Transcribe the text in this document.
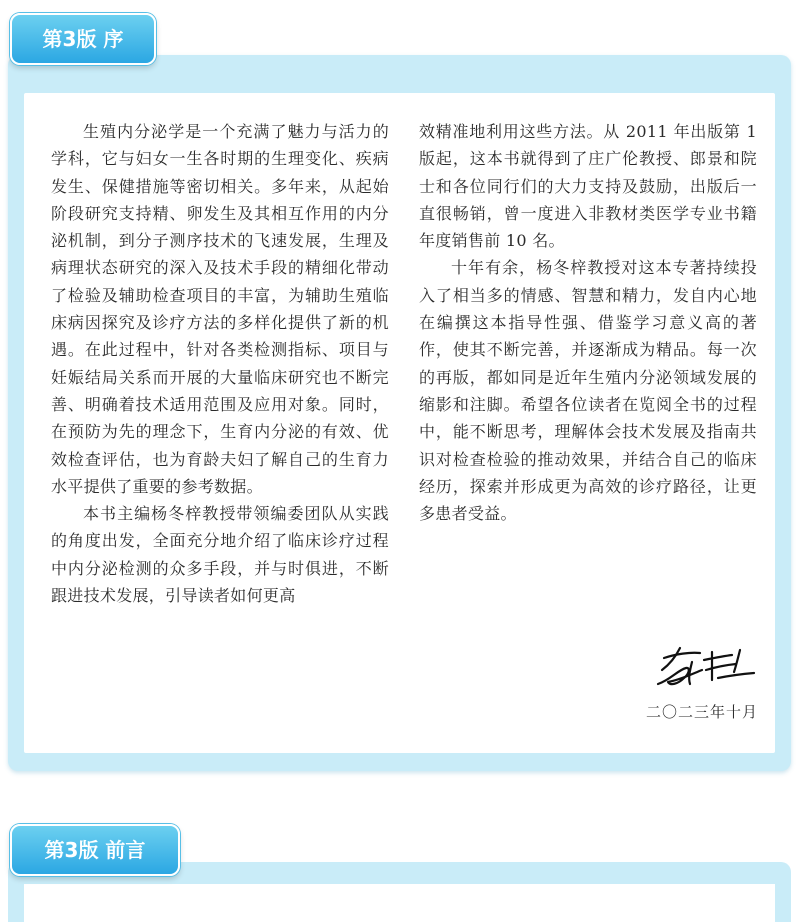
第3版 序

生殖内分泌学是一个充满了魅力与活力的学科，它与妇女一生各时期的生理变化、疾病发生、保健措施等密切相关。多年来，从起始阶段研究支持精、卵发生及其相互作用的内分泌机制，到分子测序技术的飞速发展，生理及病理状态研究的深入及技术手段的精细化带动了检验及辅助检查项目的丰富，为辅助生殖临床病因探究及诊疗方法的多样化提供了新的机遇。在此过程中，针对各类检测指标、项目与妊娠结局关系而开展的大量临床研究也不断完善、明确着技术适用范围及应用对象。同时，在预防为先的理念下，生育内分泌的有效、优效检查评估，也为育龄夫妇了解自己的生育力水平提供了重要的参考数据。

本书主编杨冬梓教授带领编委团队从实践的角度出发，全面充分地介绍了临床诊疗过程中内分泌检测的众多手段，并与时俱进，不断跟进技术发展，引导读者如何更高

效精准地利用这些方法。从 2011 年出版第 1 版起，这本书就得到了庄广伦教授、郎景和院士和各位同行们的大力支持及鼓励，出版后一直很畅销，曾一度进入非教材类医学专业书籍年度销售前 10 名。

十年有余，杨冬梓教授对这本专著持续投入了相当多的情感、智慧和精力，发自内心地在编撰这本指导性强、借鉴学习意义高的著作，使其不断完善，并逐渐成为精品。每一次的再版，都如同是近年生殖内分泌领域发展的缩影和注脚。希望各位读者在览阅全书的过程中，能不断思考，理解体会技术发展及指南共识对检查检验的推动效果，并结合自己的临床经历，探索并形成更为高效的诊疗路径，让更多患者受益。

二〇二三年十月
第3版 前言
